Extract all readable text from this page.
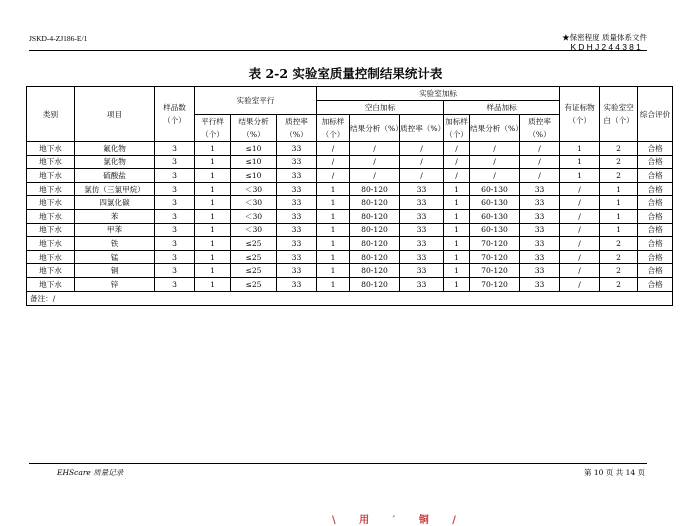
JSKD-4-ZJ186-E/1	★保密程度 质量体系文件
KDHJ244381
表 2-2 实验室质量控制结果统计表
类别	项目	样品数（个）	实验室平行			实验室加标						有证标物（个）	实验室空白（个）	综合评价
						空白加标			样品加标					
			平行样（个）	结果分析（%）	质控率（%）	加标样（个）	结果分析（%）	质控率（%）	加标样（个）	结果分析（%）	质控率（%）			
地下水	氟化物	3	1	≤10	33	/	/	/	/	/	/	1	2	合格
地下水	氯化物	3	1	≤10	33	/	/	/	/	/	/	1	2	合格
地下水	硫酸盐	3	1	≤10	33	/	/	/	/	/	/	1	2	合格
地下水	氯仿（三氯甲烷）	3	1	＜30	33	1	80-120	33	1	60-130	33	/	1	合格
地下水	四氯化碳	3	1	＜30	33	1	80-120	33	1	60-130	33	/	1	合格
地下水	苯	3	1	＜30	33	1	80-120	33	1	60-130	33	/	1	合格
地下水	甲苯	3	1	＜30	33	1	80-120	33	1	60-130	33	/	1	合格
地下水	铁	3	1	≤25	33	1	80-120	33	1	70-120	33	/	2	合格
地下水	锰	3	1	≤25	33	1	80-120	33	1	70-120	33	/	2	合格
地下水	铜	3	1	≤25	33	1	80-120	33	1	70-120	33	/	2	合格
地下水	锌	3	1	≤25	33	1	80-120	33	1	70-120	33	/	2	合格
备注：/														
EHScare 质量记录	第 10 页 共 14 页
\ 用 ′ 铜 /
